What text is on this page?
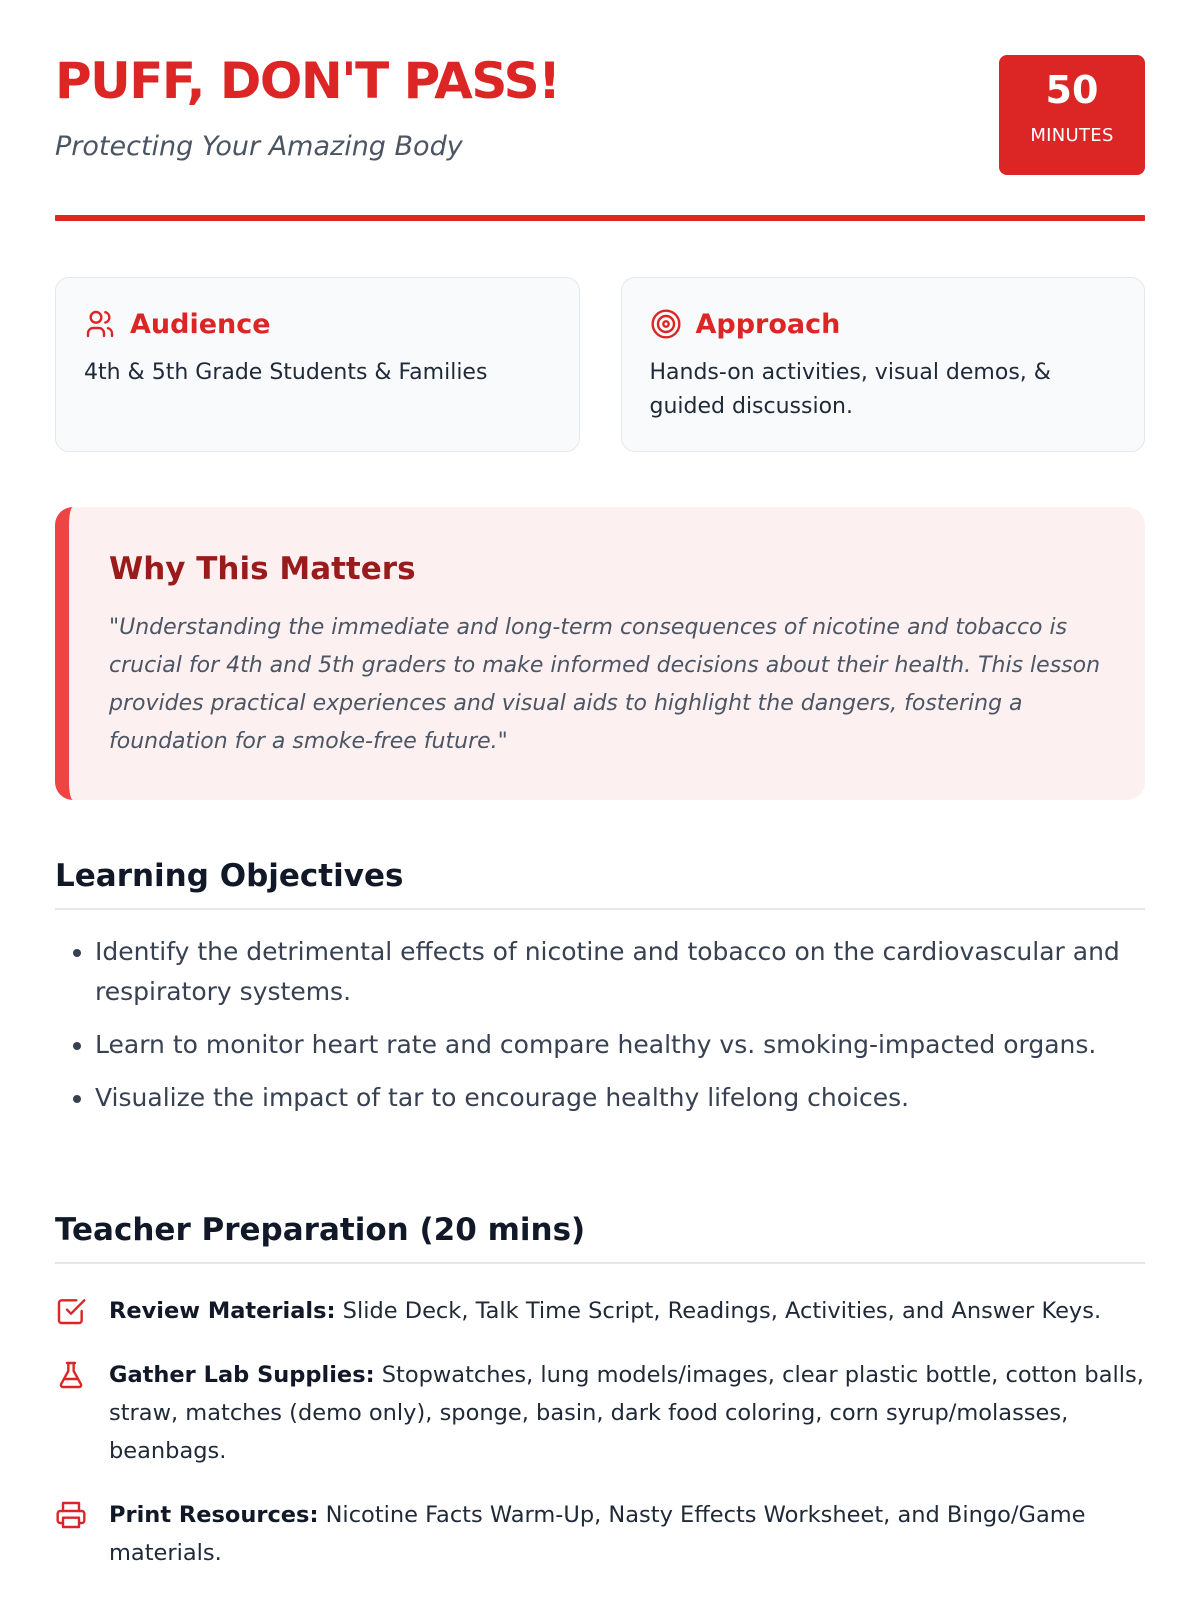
PUFF, DON'T PASS!

Protecting Your Amazing Body

50
MINUTES
Audience
4th & 5th Grade Students & Families
Approach
Hands-on activities, visual demos, & guided discussion.
Why This Matters
"Understanding the immediate and long-term consequences of nicotine and tobacco is crucial for 4th and 5th graders to make informed decisions about their health. This lesson provides practical experiences and visual aids to highlight the dangers, fostering a foundation for a smoke-free future."
Learning Objectives
• Identify the detrimental effects of nicotine and tobacco on the cardiovascular and respiratory systems.
• Learn to monitor heart rate and compare healthy vs. smoking-impacted organs.
• Visualize the impact of tar to encourage healthy lifelong choices.
Teacher Preparation (20 mins)
Review Materials: Slide Deck, Talk Time Script, Readings, Activities, and Answer Keys.
Gather Lab Supplies: Stopwatches, lung models/images, clear plastic bottle, cotton balls, straw, matches (demo only), sponge, basin, dark food coloring, corn syrup/molasses, beanbags.
Print Resources: Nicotine Facts Warm-Up, Nasty Effects Worksheet, and Bingo/Game materials.
